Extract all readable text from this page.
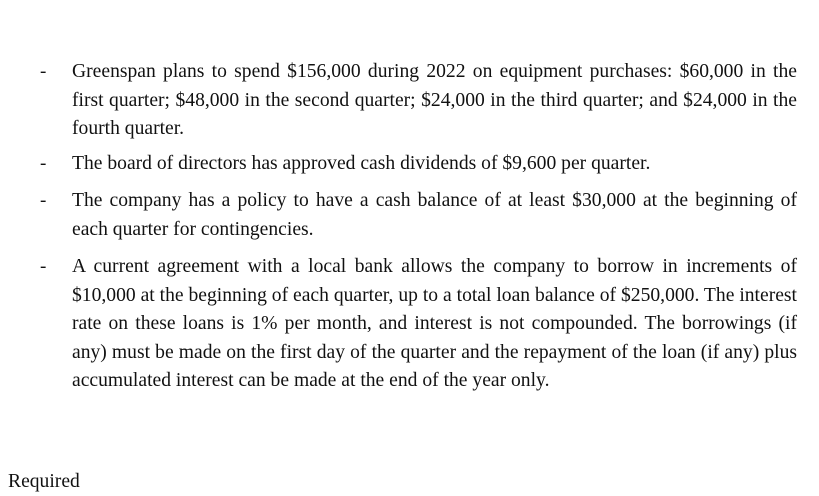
- Greenspan plans to spend $156,000 during 2022 on equipment purchases: $60,000 in the first quarter; $48,000 in the second quarter; $24,000 in the third quarter; and $24,000 in the fourth quarter.
- The board of directors has approved cash dividends of $9,600 per quarter.
- The company has a policy to have a cash balance of at least $30,000 at the beginning of each quarter for contingencies.
- A current agreement with a local bank allows the company to borrow in increments of $10,000 at the beginning of each quarter, up to a total loan balance of $250,000. The interest rate on these loans is 1% per month, and interest is not compounded. The borrowings (if any) must be made on the first day of the quarter and the repayment of the loan (if any) plus accumulated interest can be made at the end of the year only.
Required
